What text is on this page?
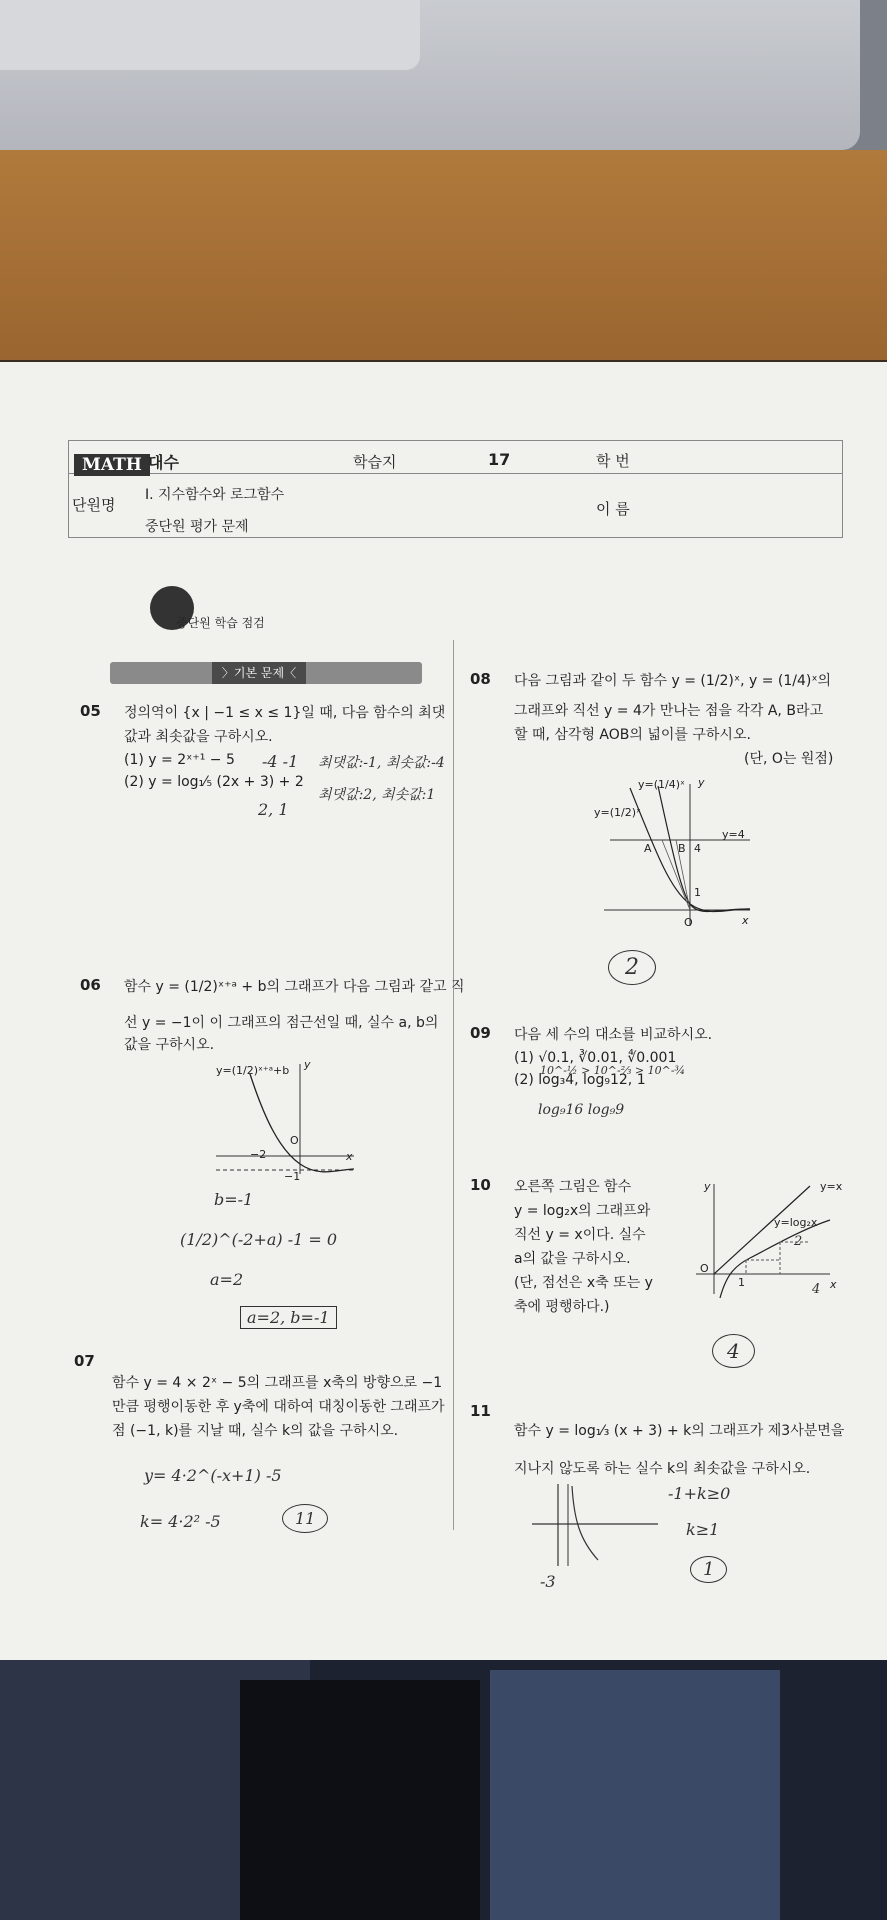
MATH 대수	학습지	17	학 번
단원명
Ⅰ. 지수함수와 로그함수
중단원 평가 문제
이 름
중단원 학습 점검
〉기본 문제〈
05 정의역이 {x | −1 ≤ x ≤ 1}일 때, 다음 함수의 최댓
값과 최솟값을 구하시오.
(1) y = 2ˣ⁺¹ − 5
(2) y = log₁⁄₅ (2x + 3) + 2
-4 -1 최댓값:-1, 최솟값:-4
2, 1
최댓값:2, 최솟값:1
06 함수 y = (1/2)ˣ⁺ᵃ + b의 그래프가 다음 그림과 같고 직
선 y = −1이 이 그래프의 점근선일 때, 실수 a, b의
값을 구하시오.
y=(1/2)ˣ⁺ᵃ+b
−2
−1
O
x
y
b=-1
(1/2)^(-2+a) -1 = 0
a=2
a=2, b=-1
07
함수 y = 4 × 2ˣ − 5의 그래프를 x축의 방향으로 −1
만큼 평행이동한 후 y축에 대하여 대칭이동한 그래프가
점 (−1, k)를 지날 때, 실수 k의 값을 구하시오.
y= 4·2^(-x+1) -5
k= 4·2² -5	11
08 다음 그림과 같이 두 함수 y = (1/2)ˣ, y = (1/4)ˣ의
그래프와 직선 y = 4가 만나는 점을 각각 A, B라고
할 때, 삼각형 AOB의 넓이를 구하시오.
(단, O는 원점)
y=(1/4)ˣ
y=(1/2)ˣ
y=4
A B 4
1
O	x
y
2
09 다음 세 수의 대소를 비교하시오.
(1) √0.1, ∛0.01, ∜0.001
(2) log₃4, log₉12, 1
10^-½ > 10^-⅔ > 10^-¾
log₉16 log₉9
10 오른쪽 그림은 함수
y = log₂x의 그래프와
직선 y = x이다. 실수
a의 값을 구하시오.
(단, 점선은 x축 또는 y
축에 평행하다.)
y=x
y=log₂x
1
O
x
y
2
4
4
11
함수 y = log₁⁄₃ (x + 3) + k의 그래프가 제3사분면을
지나지 않도록 하는 실수 k의 최솟값을 구하시오.
-3
-1+k≥0
k≥1
1
